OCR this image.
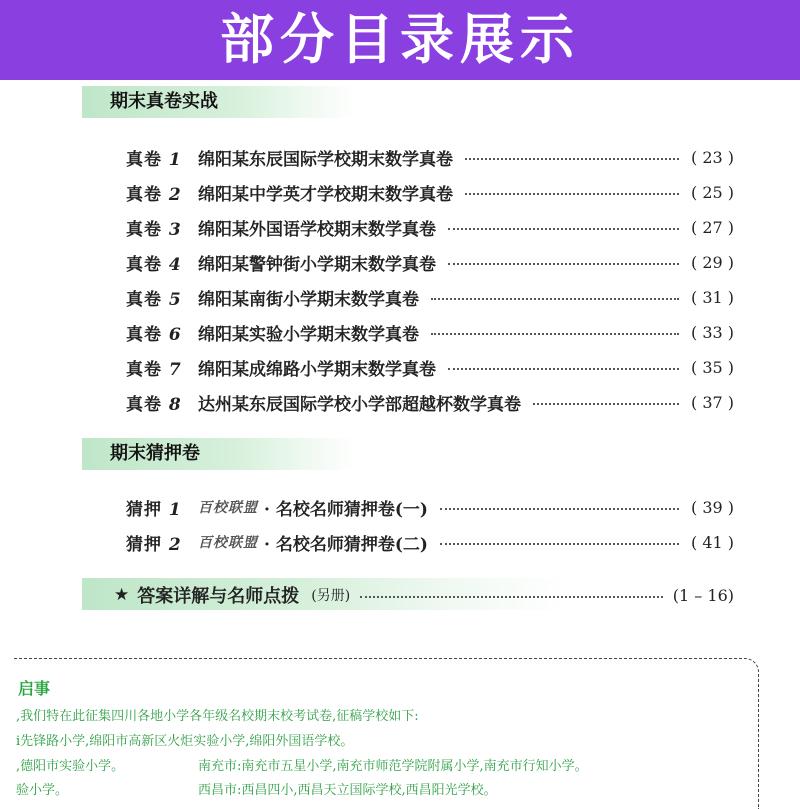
部分目录展示
期末真卷实战
真卷 1 绵阳某东辰国际学校期末数学真卷	( 23 )
真卷 2 绵阳某中学英才学校期末数学真卷	( 25 )
真卷 3 绵阳某外国语学校期末数学真卷	( 27 )
真卷 4 绵阳某警钟街小学期末数学真卷	( 29 )
真卷 5 绵阳某南街小学期末数学真卷	( 31 )
真卷 6 绵阳某实验小学期末数学真卷	( 33 )
真卷 7 绵阳某成绵路小学期末数学真卷	( 35 )
真卷 8 达州某东辰国际学校小学部超越杯数学真卷	( 37 )
期末猜押卷
猜押 1	百校联盟 · 名校名师猜押卷(一)	( 39 )
猜押 2	百校联盟 · 名校名师猜押卷(二)	( 41 )
★ 答案详解与名师点拨 (另册)	(1 – 16)
启事
,我们特在此征集四川各地小学各年级名校期末校考试卷,征稿学校如下:
i先锋路小学,绵阳市高新区火炬实验小学,绵阳外国语学校。
,德阳市实验小学。	南充市:南充市五星小学,南充市师范学院附属小学,南充市行知小学。
验小学。	西昌市:西昌四小,西昌天立国际学校,西昌阳光学校。
